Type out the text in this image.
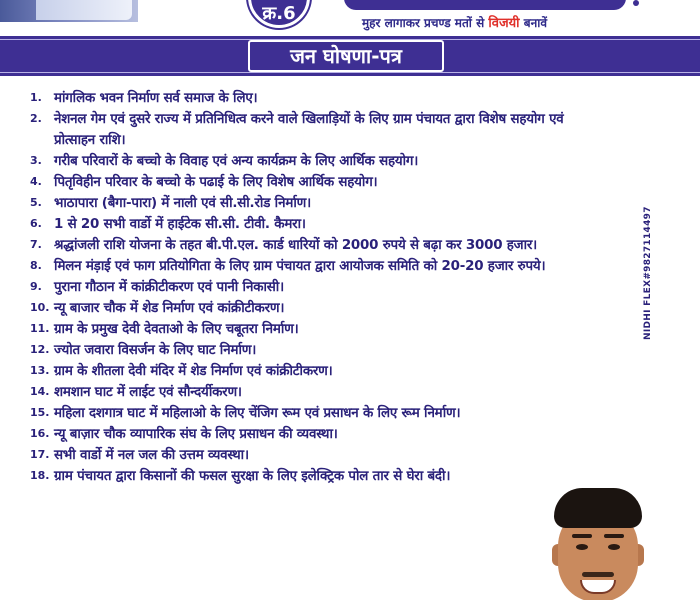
क्र.6	मुहर लागाकर प्रचण्ड मतों से विजयी बनावें
जन घोषणा-पत्र
1. मांगलिक भवन निर्माण सर्व समाज के लिए।
2. नेशनल गेम एवं दुसरे राज्य में प्रतिनिधित्व करने वाले खिलाड़ियों के लिए ग्राम पंचायत द्वारा विशेष सहयोग एवं प्रोत्साहन राशि।
3. गरीब परिवारों के बच्चो के विवाह एवं अन्य कार्यक्रम के लिए आर्थिक सहयोग।
4. पितृविहीन परिवार के बच्चो के पढाई के लिए विशेष आर्थिक सहयोग।
5. भाठापारा (बैगा-पारा) में नाली एवं सी.सी.रोड निर्माण।
6. 1 से 20 सभी वार्डो में हाईटेक सी.सी. टीवी. कैमरा।
7. श्रद्धांजली राशि योजना के तहत बी.पी.एल. कार्ड धारियों को 2000 रुपये से बढ़ा कर 3000 हजार।
8. मिलन मंड़ाई एवं फाग प्रतियोगिता के लिए ग्राम पंचायत द्वारा आयोजक समिति को 20-20 हजार रुपये।
9. पुराना गौठान में कांक्रीटीकरण एवं पानी निकासी।
10. न्यू बाजार चौक में शेड निर्माण एवं कांक्रीटीकरण।
11. ग्राम के प्रमुख देवी देवताओ के लिए चबूतरा निर्माण।
12. ज्योत जवारा विसर्जन के लिए घाट निर्माण।
13. ग्राम के शीतला देवी मंदिर में शेड निर्माण एवं कांक्रीटीकरण।
14. शमशान घाट में लाईट एवं सौन्दर्यीकरण।
15. महिला दशगात्र घाट में महिलाओ के लिए चेंजिग रूम एवं प्रसाधन के लिए रूम निर्माण।
16. न्यू बाज़ार चौक व्यापारिक संघ के लिए प्रसाधन की व्यवस्था।
17. सभी वार्डो में नल जल की उत्तम व्यवस्था।
18. ग्राम पंचायत द्वारा किसानों की फसल सुरक्षा के लिए इलेक्ट्रिक पोल तार से घेरा बंदी।
NIDHI FLEX#9827114497
